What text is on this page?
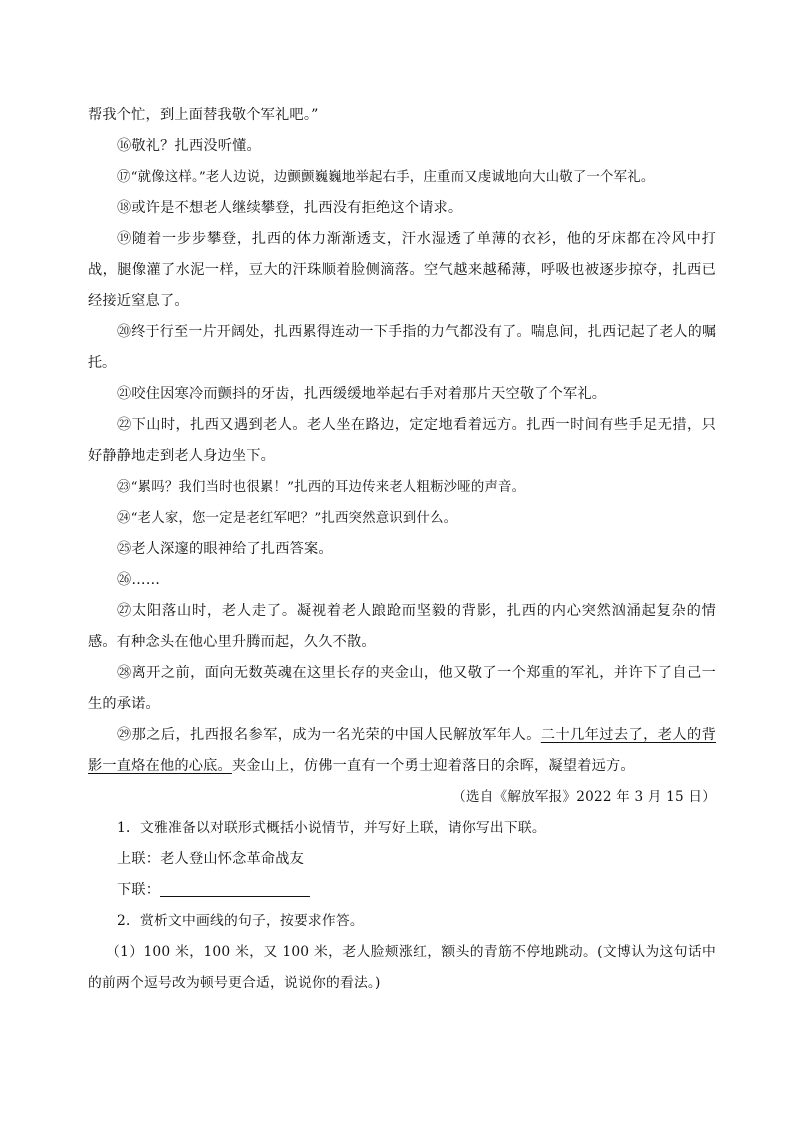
帮我个忙，到上面替我敬个军礼吧。”

⑯敬礼？扎西没听懂。

⑰“就像这样。”老人边说，边颤颤巍巍地举起右手，庄重而又虔诚地向大山敬了一个军礼。

⑱或许是不想老人继续攀登，扎西没有拒绝这个请求。

⑲随着一步步攀登，扎西的体力渐渐透支，汗水湿透了单薄的衣衫，他的牙床都在冷风中打战，腿像灌了水泥一样，豆大的汗珠顺着脸侧滴落。空气越来越稀薄，呼吸也被逐步掠夺，扎西已经接近窒息了。

⑳终于行至一片开阔处，扎西累得连动一下手指的力气都没有了。喘息间，扎西记起了老人的嘱托。

㉑咬住因寒冷而颤抖的牙齿，扎西缓缓地举起右手对着那片天空敬了个军礼。

㉒下山时，扎西又遇到老人。老人坐在路边，定定地看着远方。扎西一时间有些手足无措，只好静静地走到老人身边坐下。

㉓“累吗？我们当时也很累！”扎西的耳边传来老人粗粝沙哑的声音。

㉔“老人家，您一定是老红军吧？”扎西突然意识到什么。

㉕老人深邃的眼神给了扎西答案。

㉖……

㉗太阳落山时，老人走了。凝视着老人踉跄而坚毅的背影，扎西的内心突然汹涌起复杂的情感。有种念头在他心里升腾而起，久久不散。

㉘离开之前，面向无数英魂在这里长存的夹金山，他又敬了一个郑重的军礼，并许下了自己一生的承诺。

㉙那之后，扎西报名参军，成为一名光荣的中国人民解放军年人。二十几年过去了，老人的背影一直烙在他的心底。夹金山上，仿佛一直有一个勇士迎着落日的余晖，凝望着远方。

（选自《解放军报》2022 年 3 月 15 日）

1．文雅准备以对联形式概括小说情节，并写好上联，请你写出下联。

上联：老人登山怀念革命战友

下联：

2．赏析文中画线的句子，按要求作答。

（1）100 米，100 米，又 100 米，老人脸颊涨红，额头的青筋不停地跳动。(文博认为这句话中的前两个逗号改为顿号更合适，说说你的看法。)
